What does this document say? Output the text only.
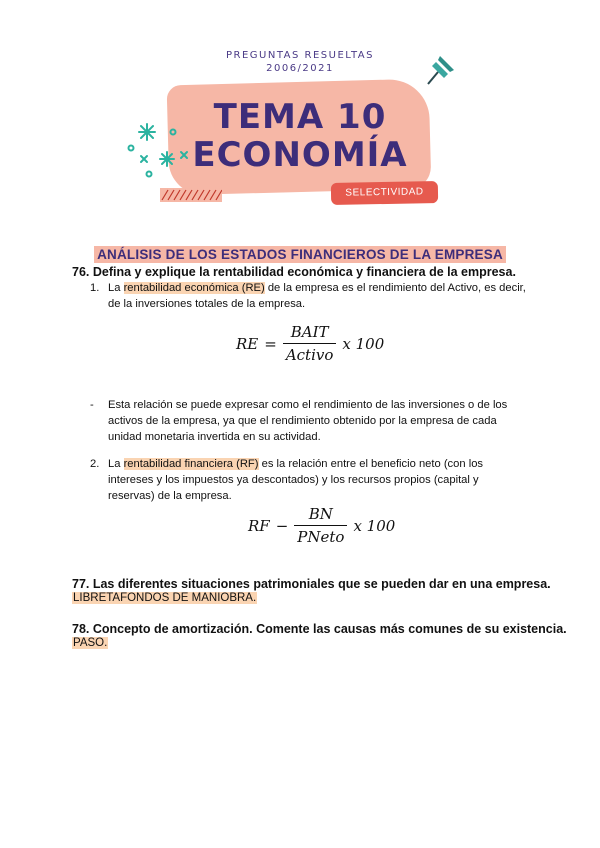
PREGUNTAS RESUELTAS
2006/2021
TEMA 10
ECONOMÍA
SELECTIVIDAD
ANÁLISIS DE LOS ESTADOS FINANCIEROS DE LA EMPRESA
76. Defina y explique la rentabilidad económica y financiera de la empresa.

1. La rentabilidad económica (RE) de la empresa es el rendimiento del Activo, es decir, de la inversiones totales de la empresa.

RE = $\frac{\text{BAIT}}{\text{Activo}}$ x 100

- Esta relación se puede expresar como el rendimiento de las inversiones o de los activos de la empresa, ya que el rendimiento obtenido por la empresa de cada unidad monetaria invertida en su actividad.

2. La rentabilidad financiera (RF) es la relación entre el beneficio neto (con los intereses y los impuestos ya descontados) y los recursos propios (capital y reservas) de la empresa.

RF − $\frac{BN}{\text{PNeto}}$ x 100
77. Las diferentes situaciones patrimoniales que se pueden dar en una empresa.
LIBRETAFONDOS DE MANIOBRA.
78. Concepto de amortización. Comente las causas más comunes de su existencia.
PASO.
